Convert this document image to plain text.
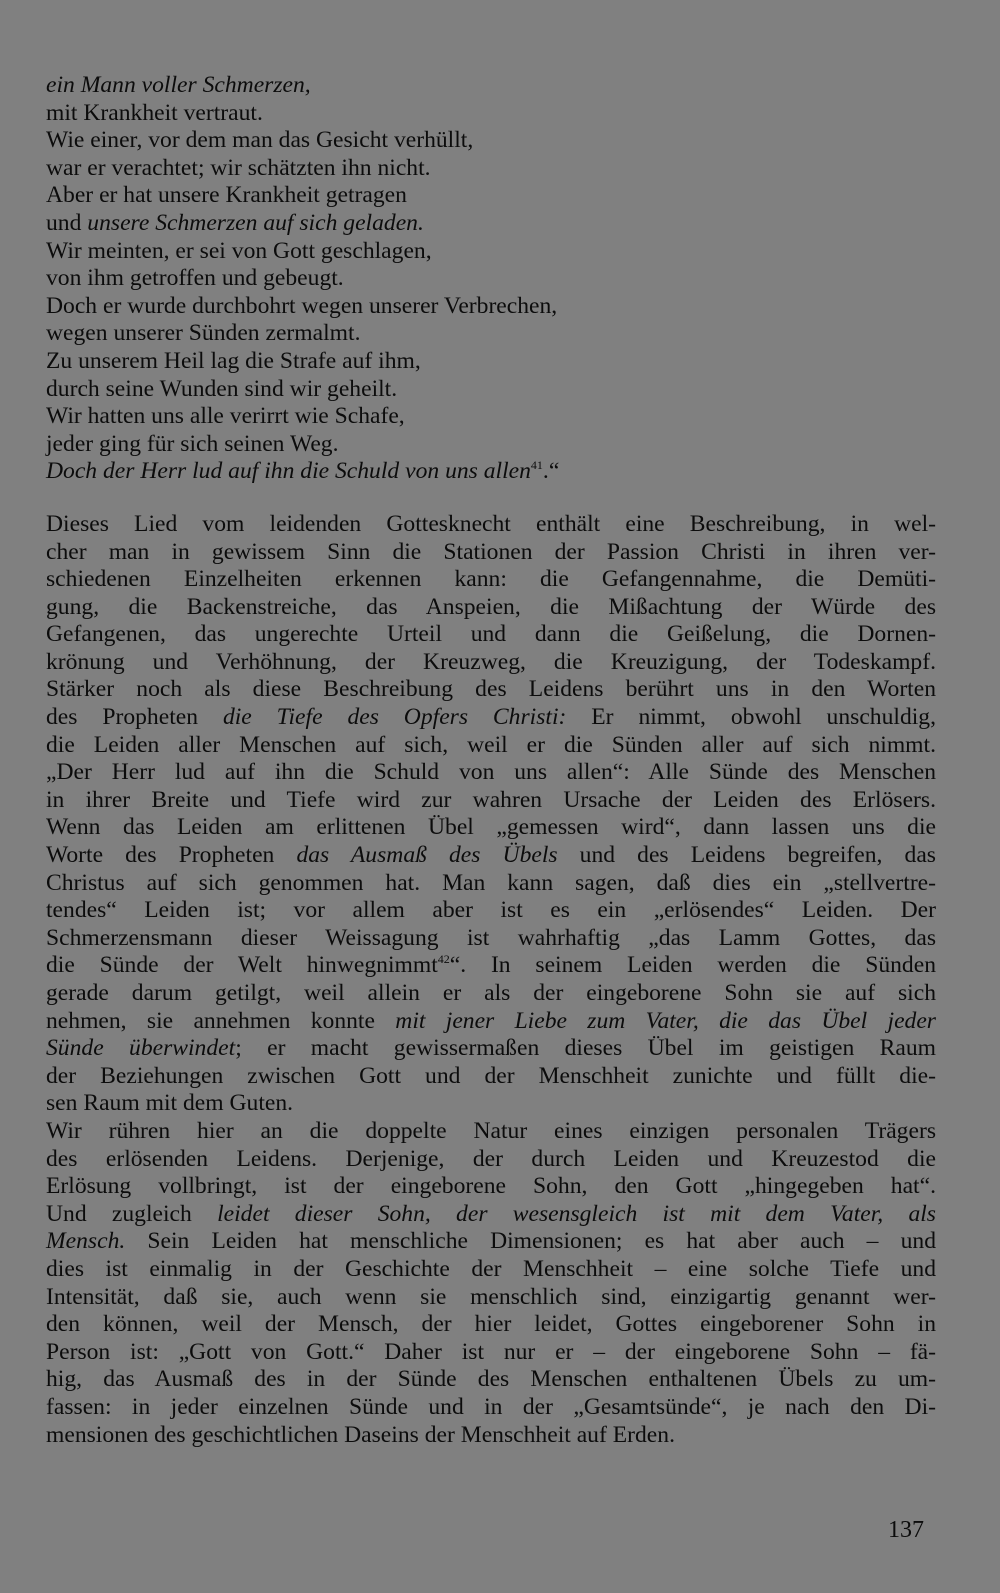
ein Mann voller Schmerzen,
mit Krankheit vertraut.
Wie einer, vor dem man das Gesicht verhüllt,
war er verachtet; wir schätzten ihn nicht.
Aber er hat unsere Krankheit getragen
und unsere Schmerzen auf sich geladen.
Wir meinten, er sei von Gott geschlagen,
von ihm getroffen und gebeugt.
Doch er wurde durchbohrt wegen unserer Verbrechen,
wegen unserer Sünden zermalmt.
Zu unserem Heil lag die Strafe auf ihm,
durch seine Wunden sind wir geheilt.
Wir hatten uns alle verirrt wie Schafe,
jeder ging für sich seinen Weg.
Doch der Herr lud auf ihn die Schuld von uns allen$^{41}$.“
Dieses Lied vom leidenden Gottesknecht enthält eine Beschreibung, in wel-
cher man in gewissem Sinn die Stationen der Passion Christi in ihren ver-
schiedenen Einzelheiten erkennen kann: die Gefangennahme, die Demüti-
gung, die Backenstreiche, das Anspeien, die Mißachtung der Würde des
Gefangenen, das ungerechte Urteil und dann die Geißelung, die Dornen-
krönung und Verhöhnung, der Kreuzweg, die Kreuzigung, der Todeskampf.
Stärker noch als diese Beschreibung des Leidens berührt uns in den Worten
des Propheten die Tiefe des Opfers Christi: Er nimmt, obwohl unschuldig,
die Leiden aller Menschen auf sich, weil er die Sünden aller auf sich nimmt.
„Der Herr lud auf ihn die Schuld von uns allen“: Alle Sünde des Menschen
in ihrer Breite und Tiefe wird zur wahren Ursache der Leiden des Erlösers.
Wenn das Leiden am erlittenen Übel „gemessen wird“, dann lassen uns die
Worte des Propheten das Ausmaß des Übels und des Leidens begreifen, das
Christus auf sich genommen hat. Man kann sagen, daß dies ein „stellvertre-
tendes“ Leiden ist; vor allem aber ist es ein „erlösendes“ Leiden. Der
Schmerzensmann dieser Weissagung ist wahrhaftig „das Lamm Gottes, das
die Sünde der Welt hinwegnimmt$^{42}$“. In seinem Leiden werden die Sünden
gerade darum getilgt, weil allein er als der eingeborene Sohn sie auf sich
nehmen, sie annehmen konnte mit jener Liebe zum Vater, die das Übel jeder
Sünde überwindet; er macht gewissermaßen dieses Übel im geistigen Raum
der Beziehungen zwischen Gott und der Menschheit zunichte und füllt die-
sen Raum mit dem Guten.
Wir rühren hier an die doppelte Natur eines einzigen personalen Trägers
des erlösenden Leidens. Derjenige, der durch Leiden und Kreuzestod die
Erlösung vollbringt, ist der eingeborene Sohn, den Gott „hingegeben hat“.
Und zugleich leidet dieser Sohn, der wesensgleich ist mit dem Vater, als
Mensch. Sein Leiden hat menschliche Dimensionen; es hat aber auch – und
dies ist einmalig in der Geschichte der Menschheit – eine solche Tiefe und
Intensität, daß sie, auch wenn sie menschlich sind, einzigartig genannt wer-
den können, weil der Mensch, der hier leidet, Gottes eingeborener Sohn in
Person ist: „Gott von Gott.“ Daher ist nur er – der eingeborene Sohn – fä-
hig, das Ausmaß des in der Sünde des Menschen enthaltenen Übels zu um-
fassen: in jeder einzelnen Sünde und in der „Gesamtsünde“, je nach den Di-
mensionen des geschichtlichen Daseins der Menschheit auf Erden.
137
